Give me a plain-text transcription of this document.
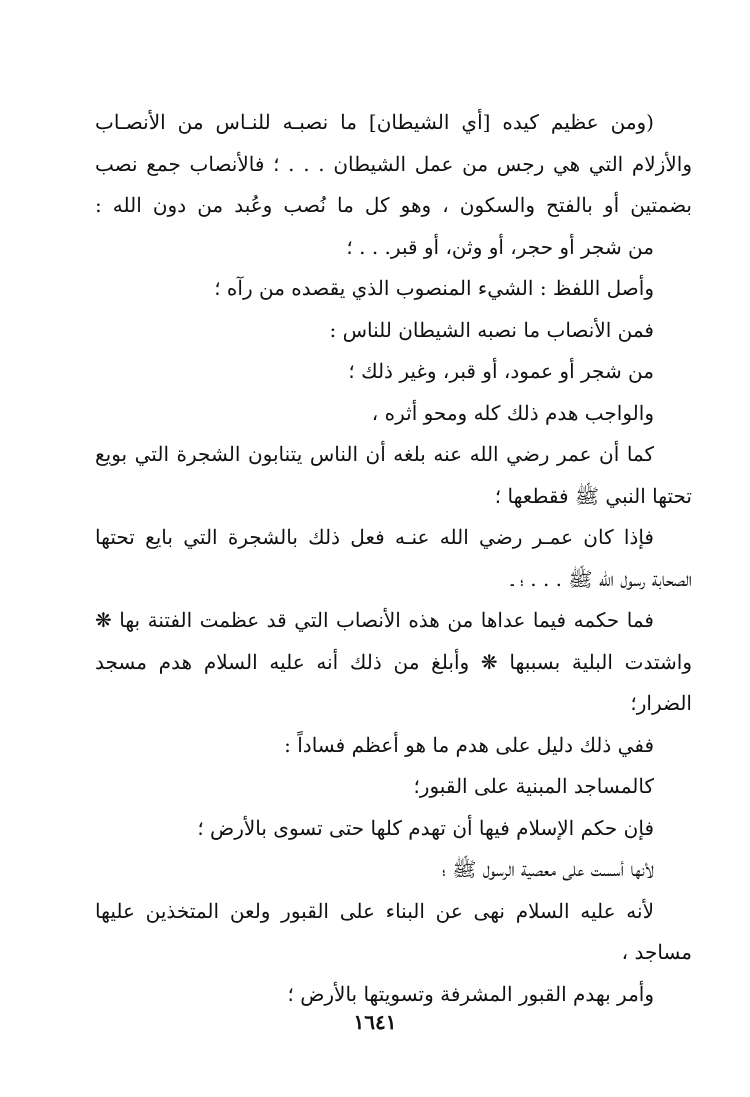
(ومن عظيم كيده [أي الشيطان] ما نصبـه للنـاس من الأنصـاب
والأزلام التي هي رجس من عمل الشيطان . . . ؛ فالأنصاب جمع نصب
بضمتين أو بالفتح والسكون ، وهو كل ما نُصب وعُبد من دون الله :
من شجر أو حجر، أو وثن، أو قبر. . . ؛
وأصل اللفظ : الشيء المنصوب الذي يقصده من رآه ؛
فمن الأنصاب ما نصبه الشيطان للناس :
من شجر أو عمود، أو قبر، وغير ذلك ؛
والواجب هدم ذلك كله ومحو أثره ،
كما أن عمر رضي الله عنه بلغه أن الناس يتنابون الشجرة التي بويع
تحتها النبي ﷺ فقطعها ؛
فإذا كان عمـر رضي الله عنـه فعل ذلك بالشجرة التي بايع تحتها
الصحابة رسول الله ﷺ . . . ؛ ـ
فما حكمه فيما عداها من هذه الأنصاب التي قد عظمت الفتنة بها ❋
واشتدت البلية بسببها ❋ وأبلغ من ذلك أنه عليه السلام هدم مسجد
الضرار؛
ففي ذلك دليل على هدم ما هو أعظم فساداً :
كالمساجد المبنية على القبور؛
فإن حكم الإسلام فيها أن تهدم كلها حتى تسوى بالأرض ؛
لأنها أسست على معصية الرسول ﷺ ؛
لأنه عليه السلام نهى عن البناء على القبور ولعن المتخذين عليها
مساجد ،
وأمر بهدم القبور المشرفة وتسويتها بالأرض ؛
١٦٤١
